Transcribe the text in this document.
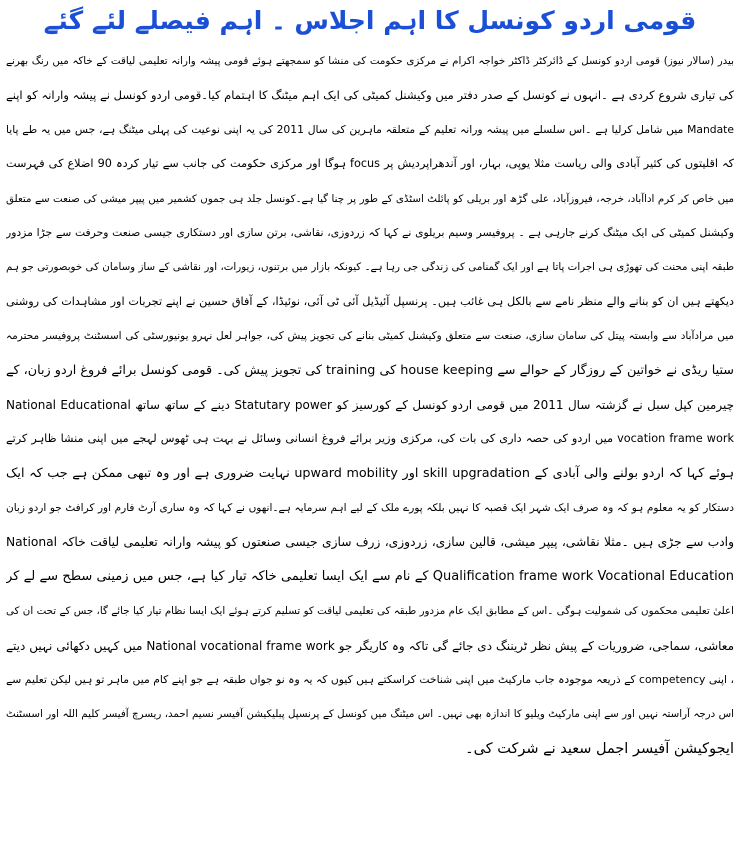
قومی اردو کونسل کا اہم اجلاس ۔ اہم فیصلے لئے گئے
بیدر (سالار نیوز) قومی اردو کونسل کے ڈائرکٹر ڈاکٹر خواجہ اکرام نے مرکزی حکومت کی منشا کو سمجھتے ہوئے قومی پیشہ وارانہ تعلیمی لیاقت کے خاکہ میں رنگ بھرنے
کی تیاری شروع کردی ہے ۔انہوں نے کونسل کے صدر دفتر میں وکیشنل کمیٹی کی ایک اہم میٹنگ کا اہتمام کیا۔قومی اردو کونسل نے پیشہ وارانہ کو اپنے
Mandate میں شامل کرلیا ہے ۔اس سلسلے میں پیشہ ورانہ تعلیم کے متعلقہ ماہرین کی سال 2011 کی یہ اپنی نوعیت کی پہلی میٹنگ ہے، جس میں یہ طے پایا
کہ اقلیتوں کی کثیر آبادی والی ریاست مثلا یوپی، بہار، اور آندھراپردیش پر focus ہوگا اور مرکزی حکومت کی جانب سے تیار کردہ 90 اضلاع کی فہرست
میں خاص کر کرم اداآباد، خرجہ، فیروزآباد، علی گڑھ اور بریلی کو پائلٹ اسٹڈی کے طور پر چنا گیا ہے۔کونسل جلد ہی جموں کشمیر میں پیپر میشی کی صنعت سے متعلق
وکیشنل کمیٹی کی ایک میٹنگ کرنے جارہی ہے ۔ پروفیسر وسیم بریلوی نے کہا کہ زردوزی، نقاشی، برتن سازی اور دستکاری جیسی صنعت وحرفت سے جڑا مزدور
طبقہ اپنی محنت کی تھوڑی ہی اجرات پاتا ہے اور ایک گمنامی کی زندگی جی رہا ہے۔ کیونکہ بازار میں برتنوں، زیورات، اور نقاشی کے ساز وسامان کی خوبصورتی جو ہم
دیکھتے ہیں ان کو بنانے والے منظر نامے سے بالکل ہی غائب ہیں۔ پرنسپل آئیڈیل آئی ٹی آئی، نوئیڈا، کے آفاق حسین نے اپنے تجربات اور مشاہدات کی روشنی
میں مرادآباد سے وابستہ پیتل کی سامان سازی، صنعت سے متعلق وکیشنل کمیٹی بنانے کی تجویز پیش کی، جواہر لعل نہرو یونیورسٹی کی اسسٹنٹ پروفیسر محترمہ
ستیا ریڈی نے خواتین کے روزگار کے حوالے سے house keeping کی training کی تجویز پیش کی۔ قومی کونسل برائے فروغ اردو زبان، کے
چیرمین کپل سبل نے گزشتہ سال 2011 میں قومی اردو کونسل کے کورسیز کو Statutary power دینے کے ساتھ ساتھ National Educational
vocation frame work میں اردو کی حصہ داری کی بات کی، مرکزی وزیر برائے فروغ انسانی وسائل نے بہت ہی ٹھوس لہجے میں اپنی منشا ظاہر کرتے
ہوئے کہا کہ اردو بولنے والی آبادی کے skill upgradation اور upward mobility نہایت ضروری ہے اور وہ تبھی ممکن ہے جب کہ ایک
دستکار کو یہ معلوم ہو کہ وہ صرف ایک شہر ایک قصبہ کا نہیں بلکہ پورے ملک کے لیے اہم سرمایہ ہے۔انھوں نے کہا کہ وہ ساری آرٹ فارم اور کرافٹ جو اردو زبان
وادب سے جڑی ہیں ۔مثلا نقاشی، پیپر میشی، قالین سازی، زردوزی، زرف سازی جیسی صنعتوں کو پیشہ وارانہ تعلیمی لیاقت خاکہ National
Qualification frame work Vocational Education کے نام سے ایک ایسا تعلیمی خاکہ تیار کیا ہے، جس میں زمینی سطح سے لے کر
اعلیٰ تعلیمی محکموں کی شمولیت ہوگی ۔اس کے مطابق ایک عام مزدور طبقہ کی تعلیمی لیاقت کو تسلیم کرتے ہوئے ایک ایسا نظام تیار کیا جائے گا، جس کے تحت ان کی
معاشی، سماجی، ضروریات کے پیش نظر ٹریننگ دی جائے گی تاکہ وہ کاریگر جو National vocational frame work میں کہیں دکھائی نہیں دیتے
، اپنی competency کے ذریعہ موجودہ جاب مارکیٹ میں اپنی شناخت کراسکتے ہیں کیوں کہ یہ وہ نو جواں طبقہ ہے جو اپنے کام میں ماہر تو ہیں لیکن تعلیم سے
اس درجہ آراستہ نہیں اور سے اپنی مارکیٹ ویلیو کا اندازہ بھی نہیں۔ اس میٹنگ میں کونسل کے پرنسپل پبلیکیشن آفیسر نسیم احمد، ریسرچ آفیسر کلیم اللہ اور اسسٹنٹ
ایجوکیشن آفیسر اجمل سعید نے شرکت کی۔
